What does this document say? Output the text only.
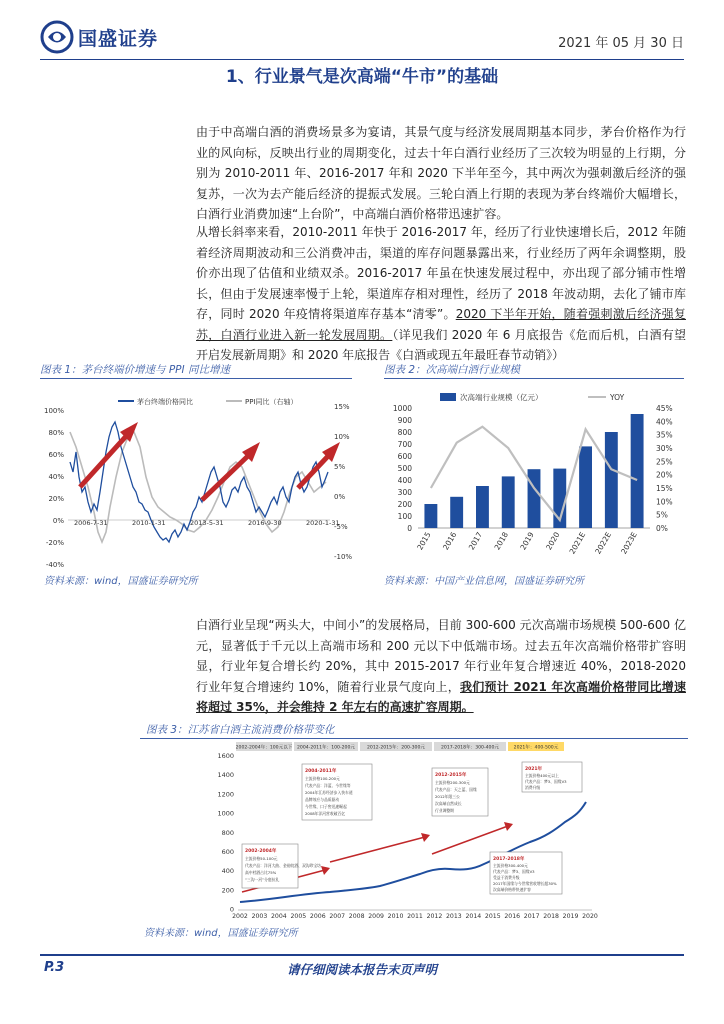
国盛证券	2021 年 05 月 30 日
1、行业景气是次高端“牛市”的基础

由于中高端白酒的消费场景多为宴请，其景气度与经济发展周期基本同步，茅台价格作为行业的风向标，反映出行业的周期变化，过去十年白酒行业经历了三次较为明显的上行期，分别为 2010-2011 年、2016-2017 年和 2020 下半年至今，其中两次为强刺激后经济的强复苏，一次为去产能后经济的提振式发展。三轮白酒上行期的表现为茅台终端价大幅增长，白酒行业消费加速“上台阶”，中高端白酒价格带迅速扩容。

从增长斜率来看，2010-2011 年快于 2016-2017 年，经历了行业快速增长后，2012 年随着经济周期波动和三公消费冲击，渠道的库存问题暴露出来，行业经历了两年余调整期，股价亦出现了估值和业绩双杀。2016-2017 年虽在快速发展过程中，亦出现了部分铺市性增长，但由于发展速率慢于上轮，渠道库存相对理性，经历了 2018 年波动期，去化了铺市库存，同时 2020 年疫情将渠道库存基本“清零”。2020 下半年开始，随着强刺激后经济强复苏，白酒行业进入新一轮发展周期。（详见我们 2020 年 6 月底报告《危而后机，白酒有望开启发展新周期》和 2020 年底报告《白酒或现五年最旺春节动销》）

图表 1：茅台终端价增速与 PPI 同比增速
100%
80%
60%
40%
20%
0%
-20%
-40%
15%
10%
5%
0%
-5%
-10%
茅台终端价格同比	PPI同比（右轴）
2006-7-31	2010-1-31	2013-5-31	2016-9-30	2020-1-31
资料来源：wind，国盛证券研究所
图表 2：次高端白酒行业规模
次高端行业规模（亿元）	YOY
1000
900
800
700
600
500
400
300
200
100
0
45%
40%
35%
30%
25%
20%
15%
10%
5%
0%
2015 2016 2017 2018 2019 2020 2021E 2022E 2023E
资料来源：中国产业信息网，国盛证券研究所

白酒行业呈现“两头大，中间小”的发展格局，目前 300-600 元次高端市场规模 500-600 亿元，显著低于千元以上高端市场和 200 元以下中低端市场。过去五年次高端价格带扩容明显，行业年复合增长约 20%，其中 2015-2017 年行业年复合增速近 40%，2018-2020 行业年复合增速约 10%，随着行业景气度向上，我们预计 2021 年次高端价格带同比增速将超过 35%，并会维持 2 年左右的高速扩容周期。

图表 3：江苏省白酒主流消费价格带变化
2002-2004年：100元以下 2004-2011年：100-200元	2012-2015年：200-300元	2017-2018年：300-400元	2021年：400-500元
1600
1400
1200
1000
800
600
400
200
0
2002-2004年
主流价格50-100元
代表产品：洋河大曲、金裕皖酒、双沟珍宝坊
高中档酒占比75%
“三沟一河”分庭抗礼
2004-2011年
主流价格100-200元
代表产品：洋蓝、今世缘等
2004年江苏经济步入快车道
品牌效应与品质驱动
今世缘、口子窖迅速崛起
2008年洋河营收破百亿
2012-2015年
主流价格200-300元
代表产品：天之蓝、国缘
2012年限三公
次高端自然成长
行业调整期
2021年
主流价格400元以上
代表产品：梦3、国缘V3
消费升级
2017-2018年
主流价格300-400元
代表产品：梦3、国缘V3
受益于消费升级
2017年国缘与今世缘营收增长超30%
次高端价格带快速扩容
2002 2003 2004 2005 2006 2007 2008 2009 2010 2011 2012 2013 2014 2015 2016 2017 2018 2019 2020
资料来源：wind，国盛证券研究所
P.3	请仔细阅读本报告末页声明
